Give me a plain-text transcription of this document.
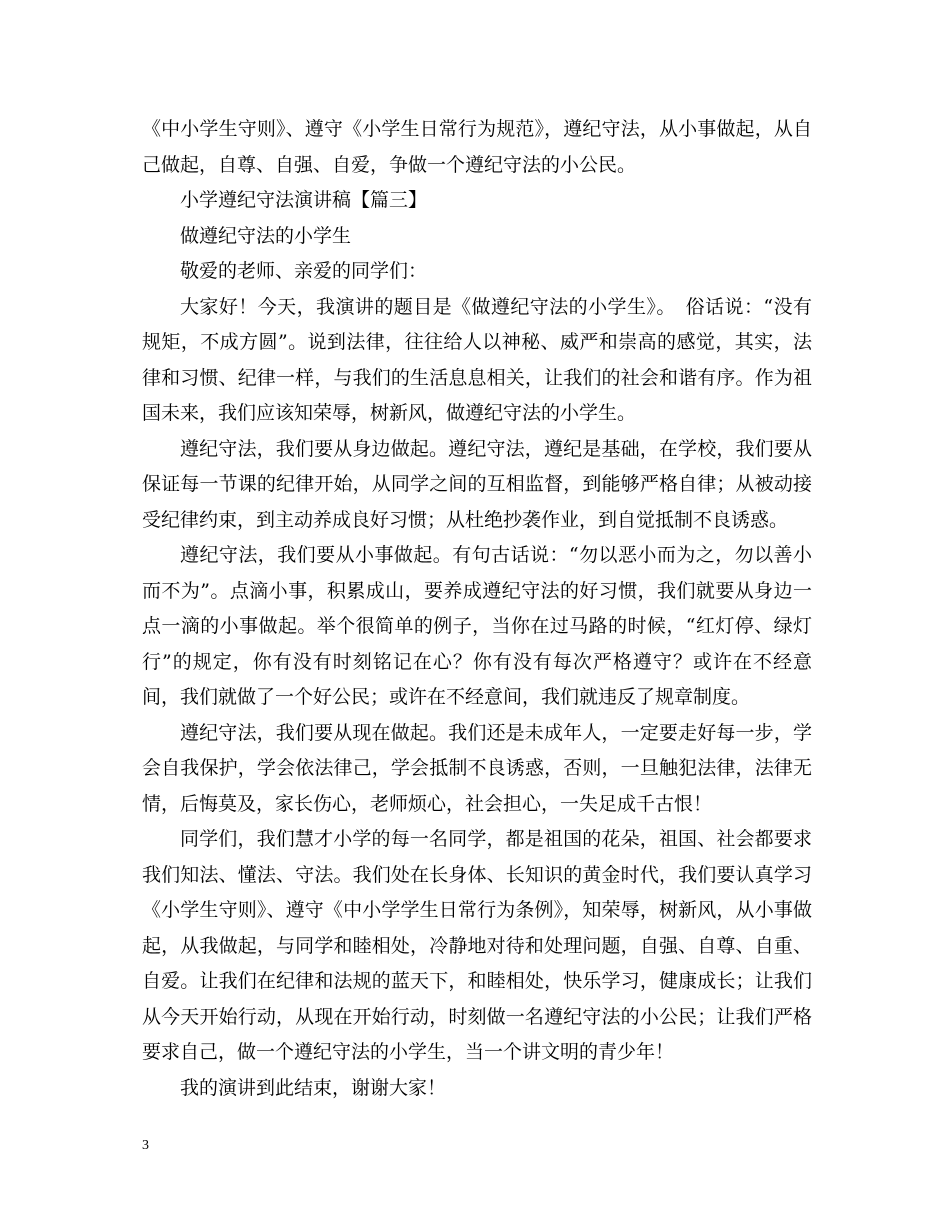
《中小学生守则》、遵守《小学生日常行为规范》，遵纪守法，从小事做起，从自己做起，自尊、自强、自爱，争做一个遵纪守法的小公民。

小学遵纪守法演讲稿【篇三】

做遵纪守法的小学生

敬爱的老师、亲爱的同学们：

大家好！今天，我演讲的题目是《做遵纪守法的小学生》。　俗话说：“没有规矩，不成方圆”。说到法律，往往给人以神秘、威严和崇高的感觉，其实，法律和习惯、纪律一样，与我们的生活息息相关，让我们的社会和谐有序。作为祖国未来，我们应该知荣辱，树新风，做遵纪守法的小学生。

遵纪守法，我们要从身边做起。遵纪守法，遵纪是基础，在学校，我们要从保证每一节课的纪律开始，从同学之间的互相监督，到能够严格自律；从被动接受纪律约束，到主动养成良好习惯；从杜绝抄袭作业，到自觉抵制不良诱惑。

遵纪守法，我们要从小事做起。有句古话说：“勿以恶小而为之，勿以善小而不为”。点滴小事，积累成山，要养成遵纪守法的好习惯，我们就要从身边一点一滴的小事做起。举个很简单的例子，当你在过马路的时候，“红灯停、绿灯行”的规定，你有没有时刻铭记在心？你有没有每次严格遵守？或许在不经意间，我们就做了一个好公民；或许在不经意间，我们就违反了规章制度。

遵纪守法，我们要从现在做起。我们还是未成年人，一定要走好每一步，学会自我保护，学会依法律己，学会抵制不良诱惑，否则，一旦触犯法律，法律无情，后悔莫及，家长伤心，老师烦心，社会担心，一失足成千古恨！

同学们，我们慧才小学的每一名同学，都是祖国的花朵，祖国、社会都要求我们知法、懂法、守法。我们处在长身体、长知识的黄金时代，我们要认真学习《小学生守则》、遵守《中小学学生日常行为条例》，知荣辱，树新风，从小事做起，从我做起，与同学和睦相处，冷静地对待和处理问题，自强、自尊、自重、自爱。让我们在纪律和法规的蓝天下，和睦相处，快乐学习，健康成长；让我们从今天开始行动，从现在开始行动，时刻做一名遵纪守法的小公民；让我们严格要求自己，做一个遵纪守法的小学生，当一个讲文明的青少年！

我的演讲到此结束，谢谢大家！

3
